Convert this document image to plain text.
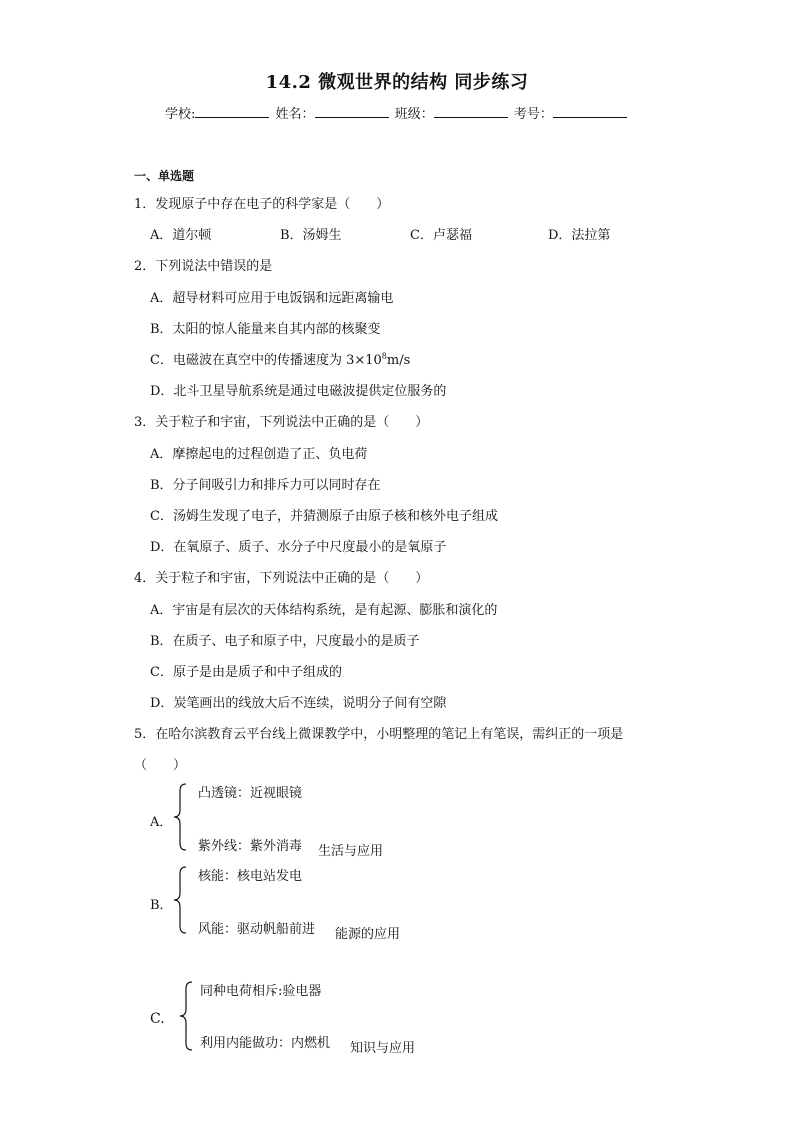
14.2 微观世界的结构 同步练习
学校:	姓名：	班级：	考号：
一、单选题
1．发现原子中存在电子的科学家是（　　）
A．道尔顿	B．汤姆生	C．卢瑟福	D．法拉第
2．下列说法中错误的是
A．超导材料可应用于电饭锅和远距离输电
B．太阳的惊人能量来自其内部的核聚变
C．电磁波在真空中的传播速度为 $3\times 10^8m/s$
D．北斗卫星导航系统是通过电磁波提供定位服务的
3．关于粒子和宇宙，下列说法中正确的是（　　）
A．摩擦起电的过程创造了正、负电荷
B．分子间吸引力和排斥力可以同时存在
C．汤姆生发现了电子，并猜测原子由原子核和核外电子组成
D．在氧原子、质子、水分子中尺度最小的是氧原子
4．关于粒子和宇宙，下列说法中正确的是（　　）
A．宇宙是有层次的天体结构系统，是有起源、膨胀和演化的
B．在质子、电子和原子中，尺度最小的是质子
C．原子是由是质子和中子组成的
D．炭笔画出的线放大后不连续，说明分子间有空隙
5．在哈尔滨教育云平台线上微课教学中，小明整理的笔记上有笔误，需纠正的一项是
（　　）
A．
凸透镜：近视眼镜
紫外线：紫外消毒 生活与应用
B．
核能：核电站发电
风能：驱动帆船前进 能源的应用
C.
同种电荷相斥:验电器
利用内能做功：内燃机 知识与应用
